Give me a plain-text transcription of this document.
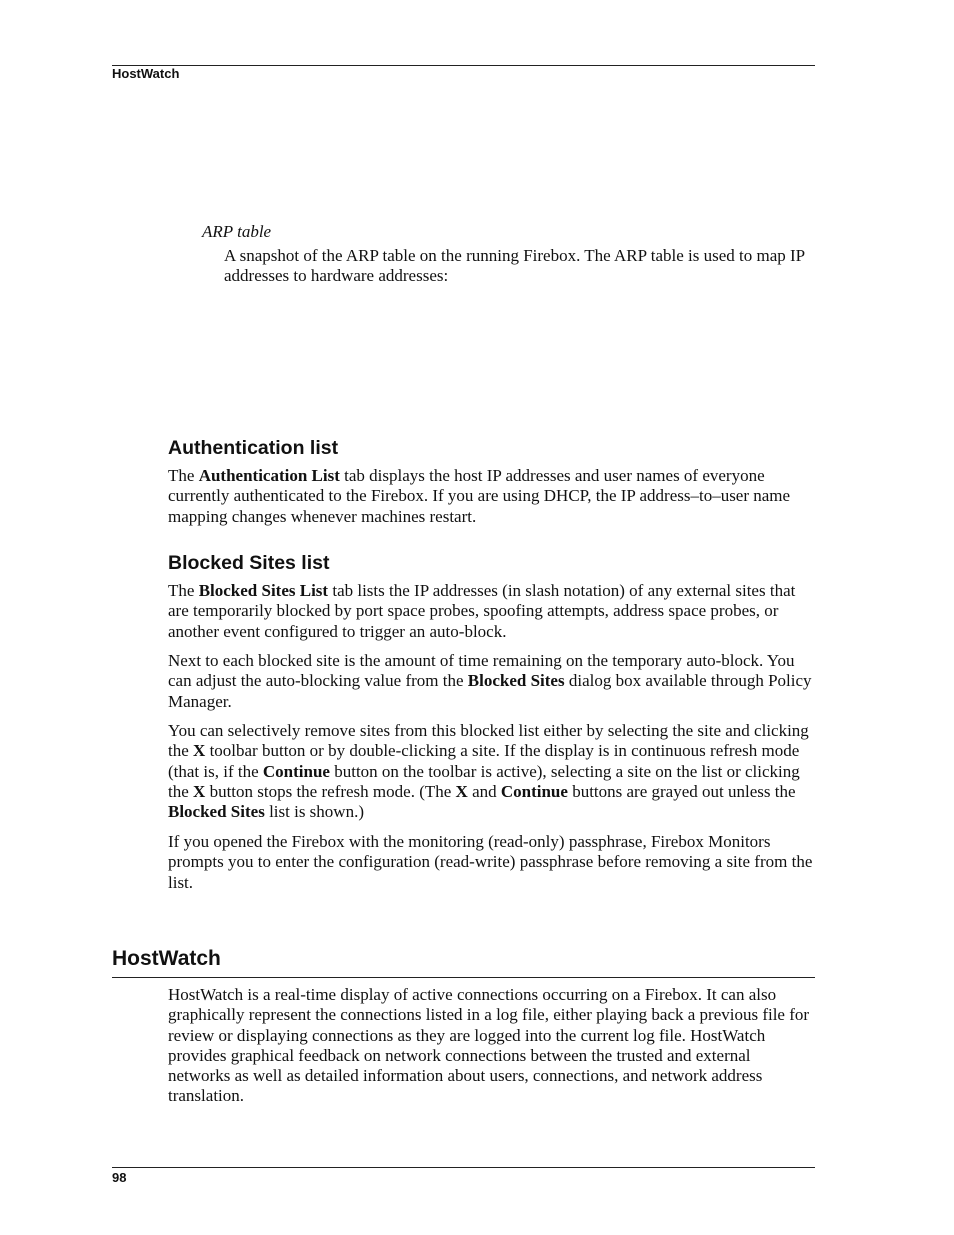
HostWatch
ARP table

A snapshot of the ARP table on the running Firebox. The ARP table is used to map IP addresses to hardware addresses:

Authentication list

The Authentication List tab displays the host IP addresses and user names of everyone currently authenticated to the Firebox. If you are using DHCP, the IP address–to–user name mapping changes whenever machines restart.

Blocked Sites list

The Blocked Sites List tab lists the IP addresses (in slash notation) of any external sites that are temporarily blocked by port space probes, spoofing attempts, address space probes, or another event configured to trigger an auto-block.

Next to each blocked site is the amount of time remaining on the temporary auto-block. You can adjust the auto-blocking value from the Blocked Sites dialog box available through Policy Manager.

You can selectively remove sites from this blocked list either by selecting the site and clicking the X toolbar button or by double-clicking a site. If the display is in continuous refresh mode (that is, if the Continue button on the toolbar is active), selecting a site on the list or clicking the X button stops the refresh mode. (The X and Continue buttons are grayed out unless the Blocked Sites list is shown.)

If you opened the Firebox with the monitoring (read-only) passphrase, Firebox Monitors prompts you to enter the configuration (read-write) passphrase before removing a site from the list.

HostWatch

HostWatch is a real-time display of active connections occurring on a Firebox. It can also graphically represent the connections listed in a log file, either playing back a previous file for review or displaying connections as they are logged into the current log file. HostWatch provides graphical feedback on network connections between the trusted and external networks as well as detailed information about users, connections, and network address translation.

98
